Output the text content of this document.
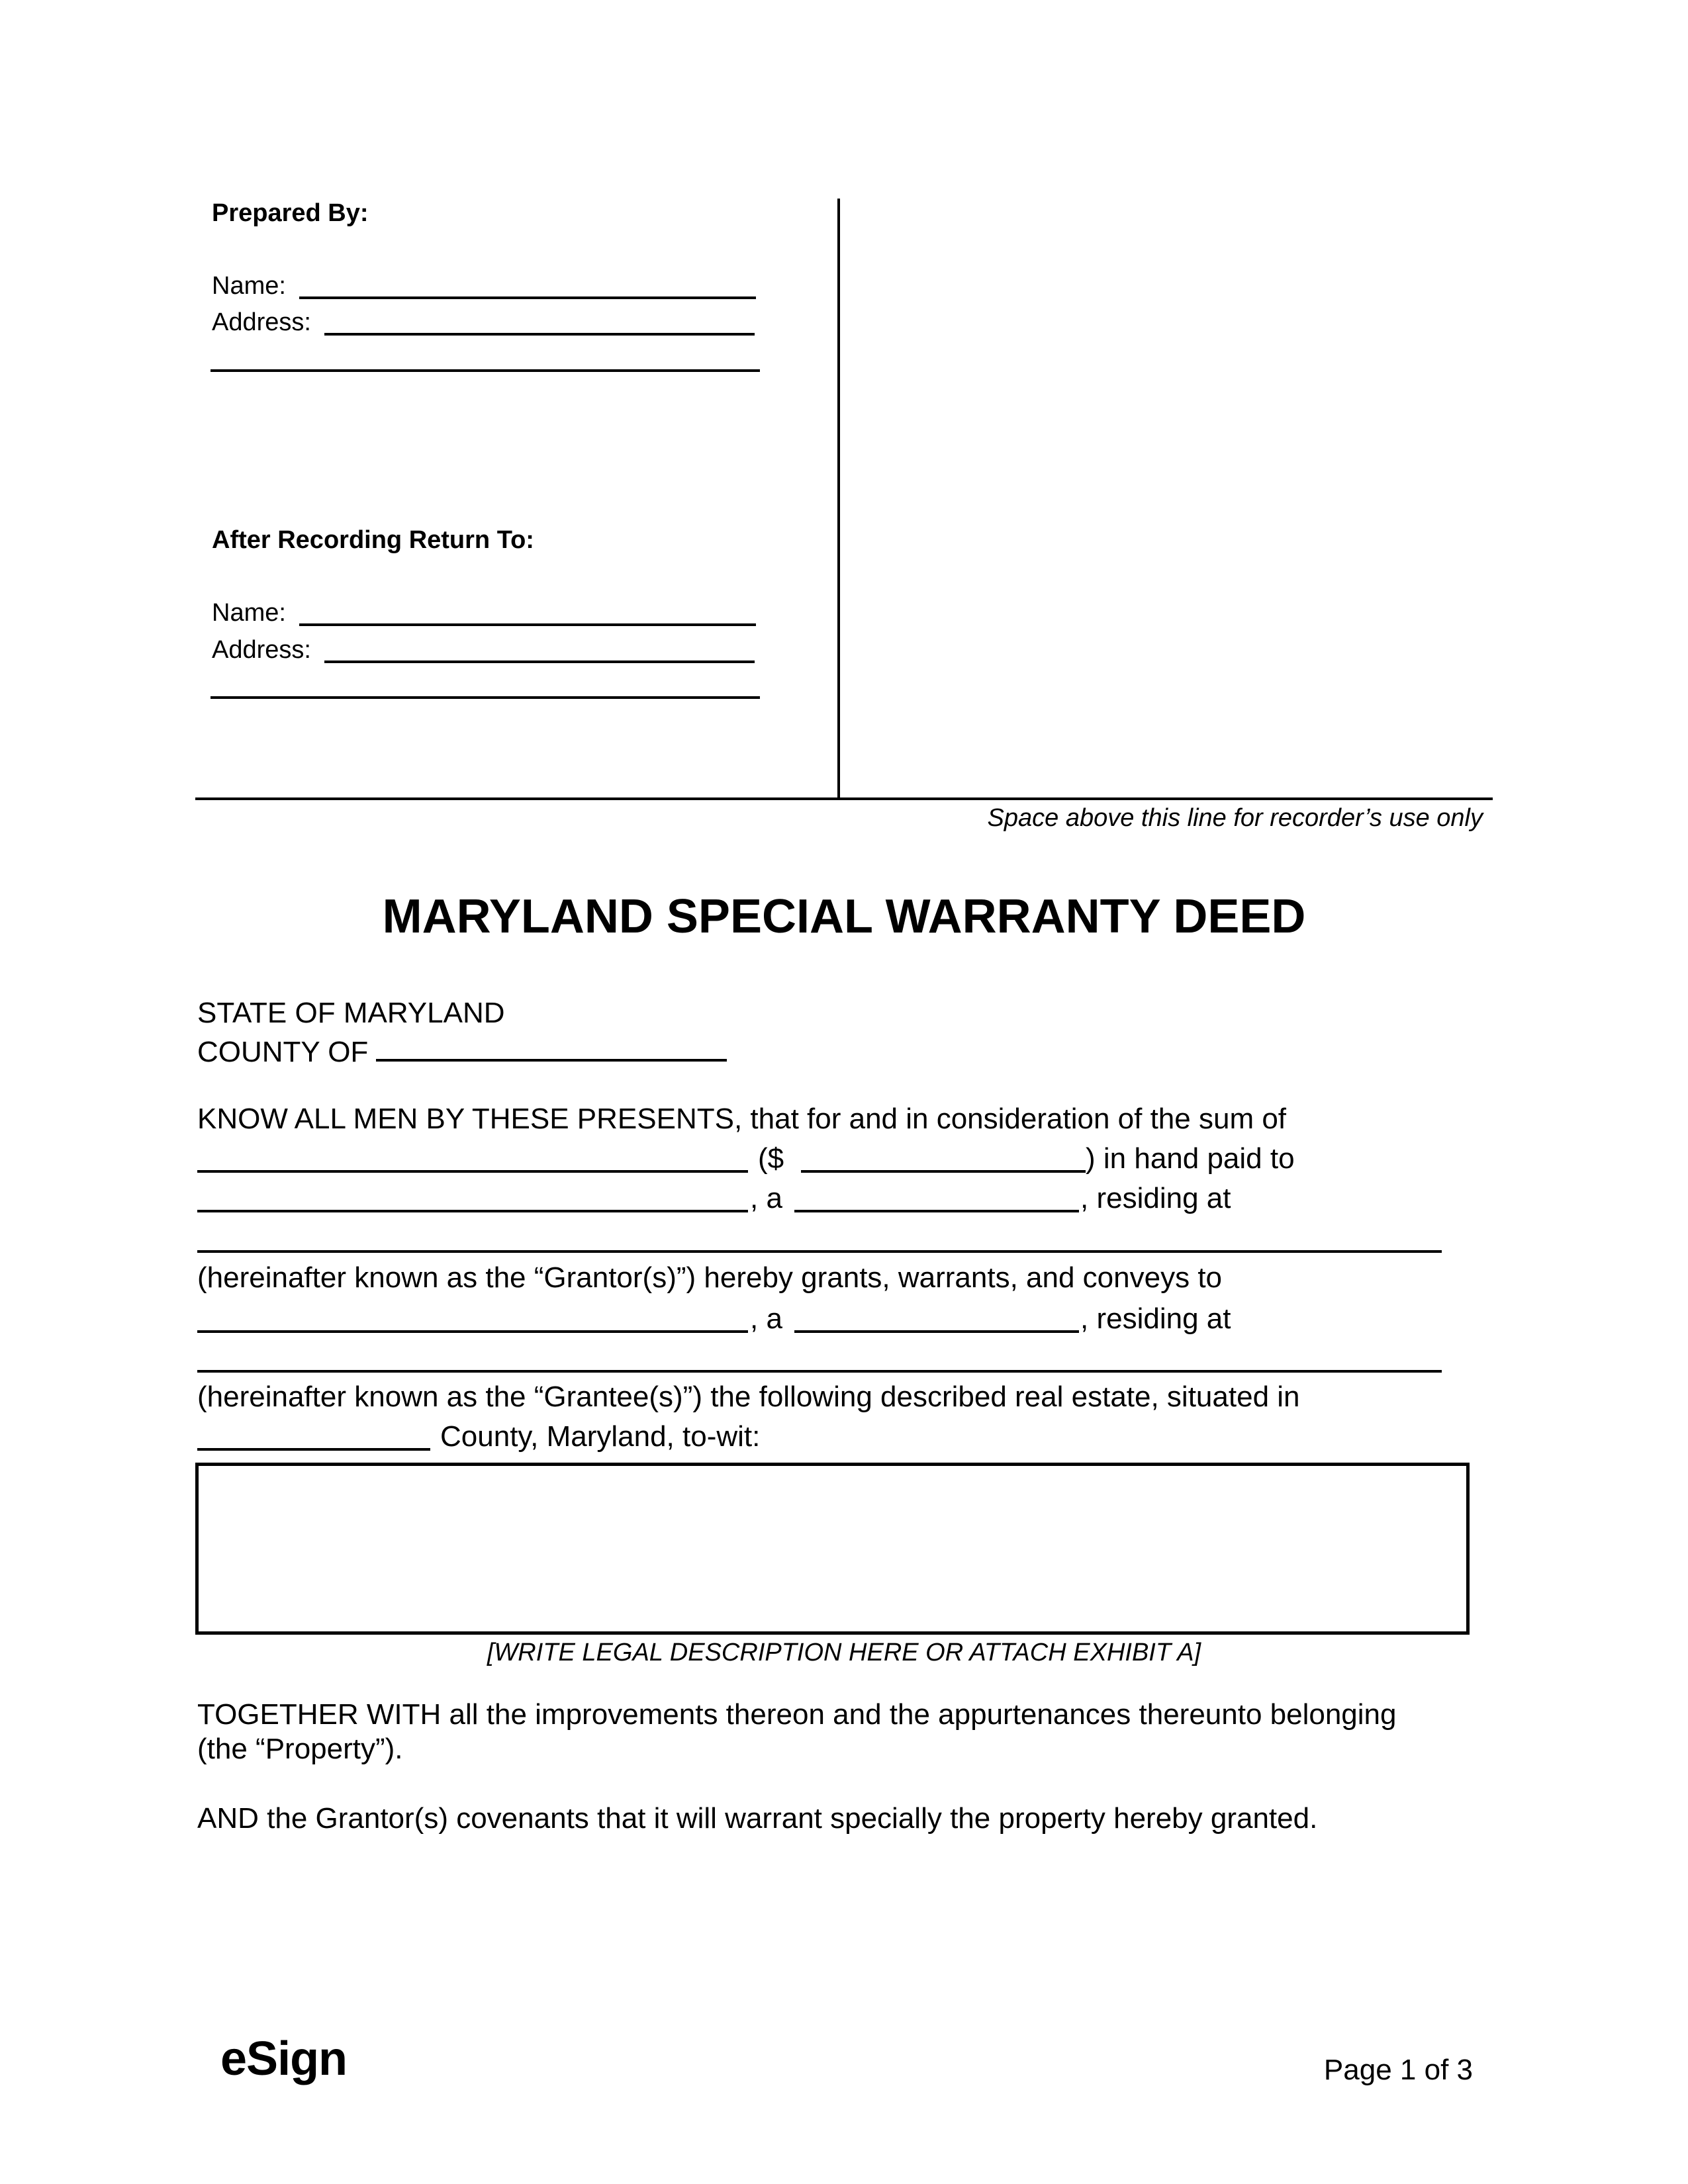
Prepared By:
Name:
Address:
After Recording Return To:
Name:
Address:
Space above this line for recorder’s use only
MARYLAND SPECIAL WARRANTY DEED
STATE OF MARYLAND
COUNTY OF
KNOW ALL MEN BY THESE PRESENTS, that for and in consideration of the sum of
($	) in hand paid to
, a	, residing at
(hereinafter known as the “Grantor(s)”) hereby grants, warrants, and conveys to
, a	, residing at
(hereinafter known as the “Grantee(s)”) the following described real estate, situated in
County, Maryland, to-wit:
[WRITE LEGAL DESCRIPTION HERE OR ATTACH EXHIBIT A]
TOGETHER WITH all the improvements thereon and the appurtenances thereunto belonging
(the “Property”).
AND the Grantor(s) covenants that it will warrant specially the property hereby granted.
eSign	Page 1 of 3
